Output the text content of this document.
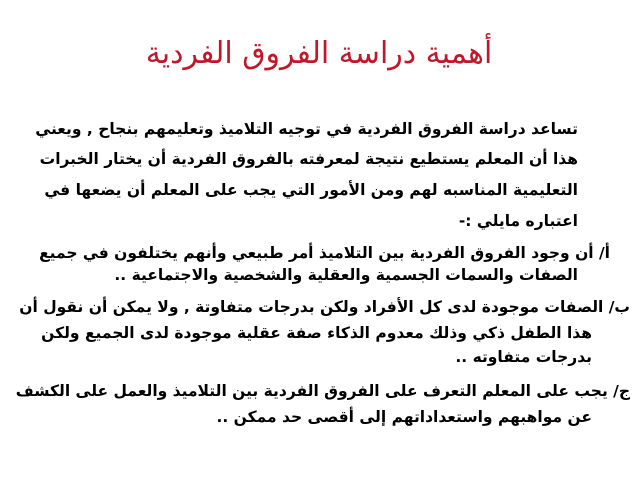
أهمية دراسة الفروق الفردية
تساعد دراسة الفروق الفردية في توجيه التلاميذ وتعليمهم بنجاح , ويعني
هذا أن المعلم يستطيع نتيجة لمعرفته بالفروق الفردية أن يختار الخبرات
التعليمية المناسبه لهم ومن الأمور التي يجب على المعلم أن يضعها في
اعتباره مايلي :-
أ/ أن وجود الفروق الفردية بين التلاميذ أمر طبيعي وأنهم يختلفون في جميع
الصفات والسمات الجسمية والعقلية والشخصية والاجتماعية ..
ب/ الصفات موجودة لدى كل الأفراد ولكن بدرجات متفاوتة , ولا يمكن أن نقول أن
هذا الطفل ذكي وذلك معدوم الذكاء صفة عقلية موجودة لدى الجميع ولكن
بدرجات متفاوته ..
ج/ يجب على المعلم التعرف على الفروق الفردية بين التلاميذ والعمل على الكشف
عن مواهبهم واستعداداتهم إلى أقصى حد ممكن ..
